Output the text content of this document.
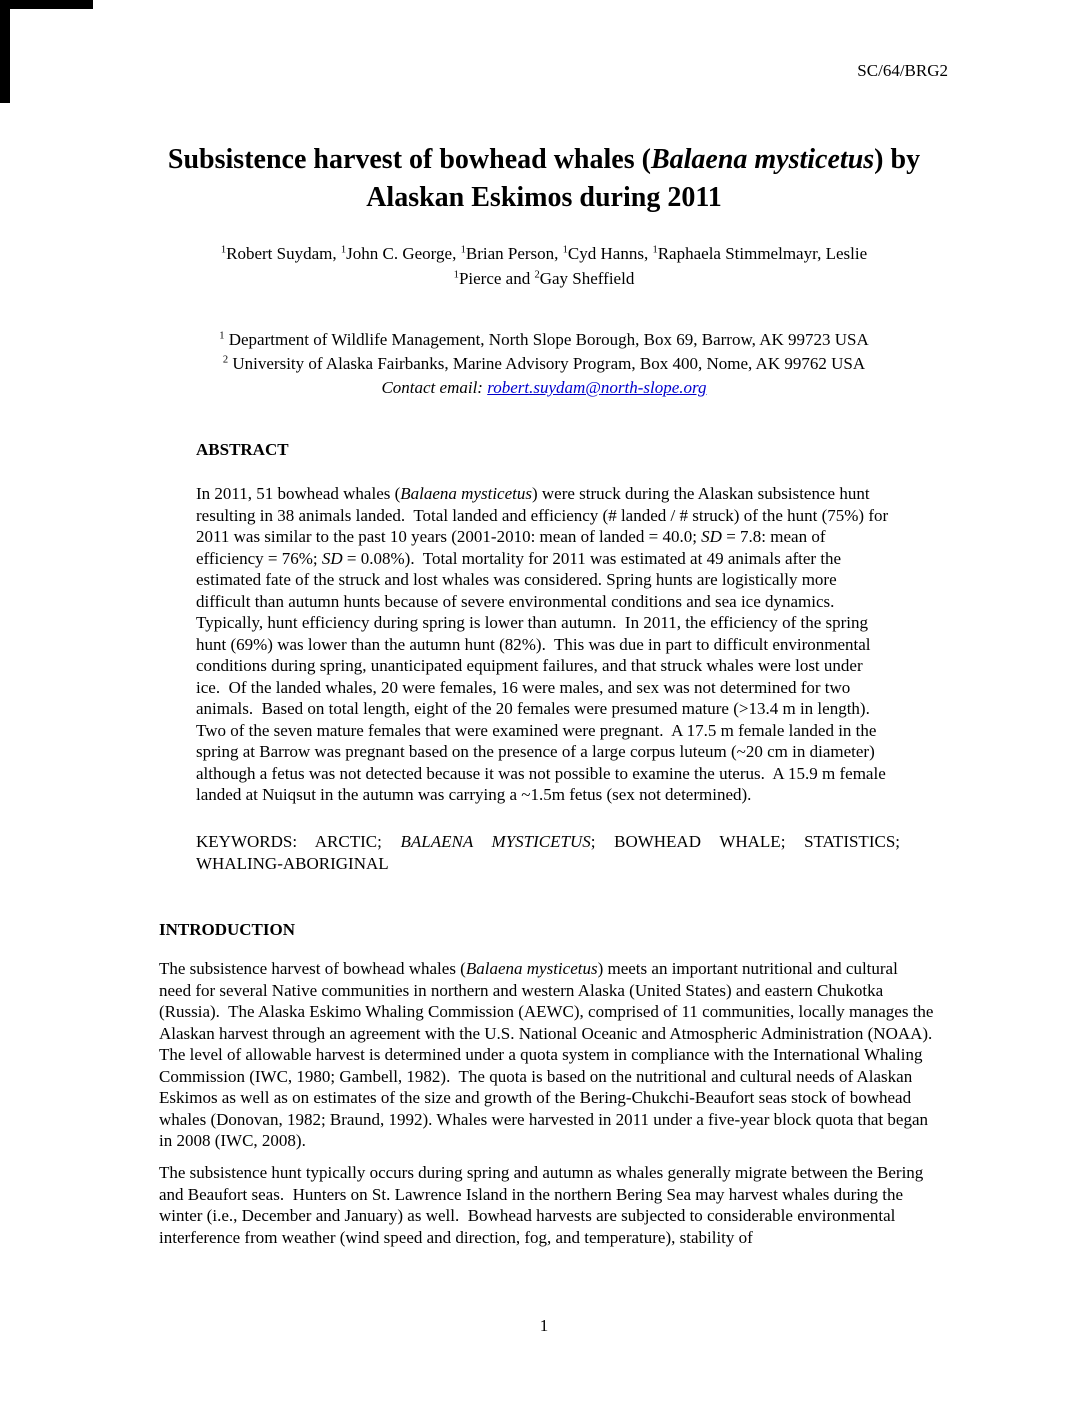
SC/64/BRG2
Subsistence harvest of bowhead whales (Balaena mysticetus) by
Alaskan Eskimos during 2011
$^1$Robert Suydam, $^1$John C. George, $^1$Brian Person, $^1$Cyd Hanns, $^1$Raphaela Stimmelmayr, Leslie
$^1$Pierce and $^2$Gay Sheffield
$^1$ Department of Wildlife Management, North Slope Borough, Box 69, Barrow, AK 99723 USA
$^2$ University of Alaska Fairbanks, Marine Advisory Program, Box 400, Nome, AK 99762 USA
Contact email: robert.suydam@north-slope.org
ABSTRACT
In 2011, 51 bowhead whales (Balaena mysticetus) were struck during the Alaskan subsistence hunt resulting in 38 animals landed.  Total landed and efficiency (# landed / # struck) of the hunt (75%) for 2011 was similar to the past 10 years (2001-2010: mean of landed = 40.0; SD = 7.8: mean of efficiency = 76%; SD = 0.08%).  Total mortality for 2011 was estimated at 49 animals after the estimated fate of the struck and lost whales was considered. Spring hunts are logistically more difficult than autumn hunts because of severe environmental conditions and sea ice dynamics.  Typically, hunt efficiency during spring is lower than autumn.  In 2011, the efficiency of the spring hunt (69%) was lower than the autumn hunt (82%).  This was due in part to difficult environmental conditions during spring, unanticipated equipment failures, and that struck whales were lost under ice.  Of the landed whales, 20 were females, 16 were males, and sex was not determined for two animals.  Based on total length, eight of the 20 females were presumed mature (>13.4 m in length).  Two of the seven mature females that were examined were pregnant.  A 17.5 m female landed in the spring at Barrow was pregnant based on the presence of a large corpus luteum (~20 cm in diameter) although a fetus was not detected because it was not possible to examine the uterus.  A 15.9 m female landed at Nuiqsut in the autumn was carrying a ~1.5m fetus (sex not determined).
KEYWORDS: ARCTIC; BALAENA MYSTICETUS; BOWHEAD WHALE; STATISTICS; WHALING-ABORIGINAL
INTRODUCTION
The subsistence harvest of bowhead whales (Balaena mysticetus) meets an important nutritional and cultural need for several Native communities in northern and western Alaska (United States) and eastern Chukotka (Russia).  The Alaska Eskimo Whaling Commission (AEWC), comprised of 11 communities, locally manages the Alaskan harvest through an agreement with the U.S. National Oceanic and Atmospheric Administration (NOAA).  The level of allowable harvest is determined under a quota system in compliance with the International Whaling Commission (IWC, 1980; Gambell, 1982).  The quota is based on the nutritional and cultural needs of Alaskan Eskimos as well as on estimates of the size and growth of the Bering-Chukchi-Beaufort seas stock of bowhead whales (Donovan, 1982; Braund, 1992). Whales were harvested in 2011 under a five-year block quota that began in 2008 (IWC, 2008).
The subsistence hunt typically occurs during spring and autumn as whales generally migrate between the Bering and Beaufort seas.  Hunters on St. Lawrence Island in the northern Bering Sea may harvest whales during the winter (i.e., December and January) as well.  Bowhead harvests are subjected to considerable environmental interference from weather (wind speed and direction, fog, and temperature), stability of
1
